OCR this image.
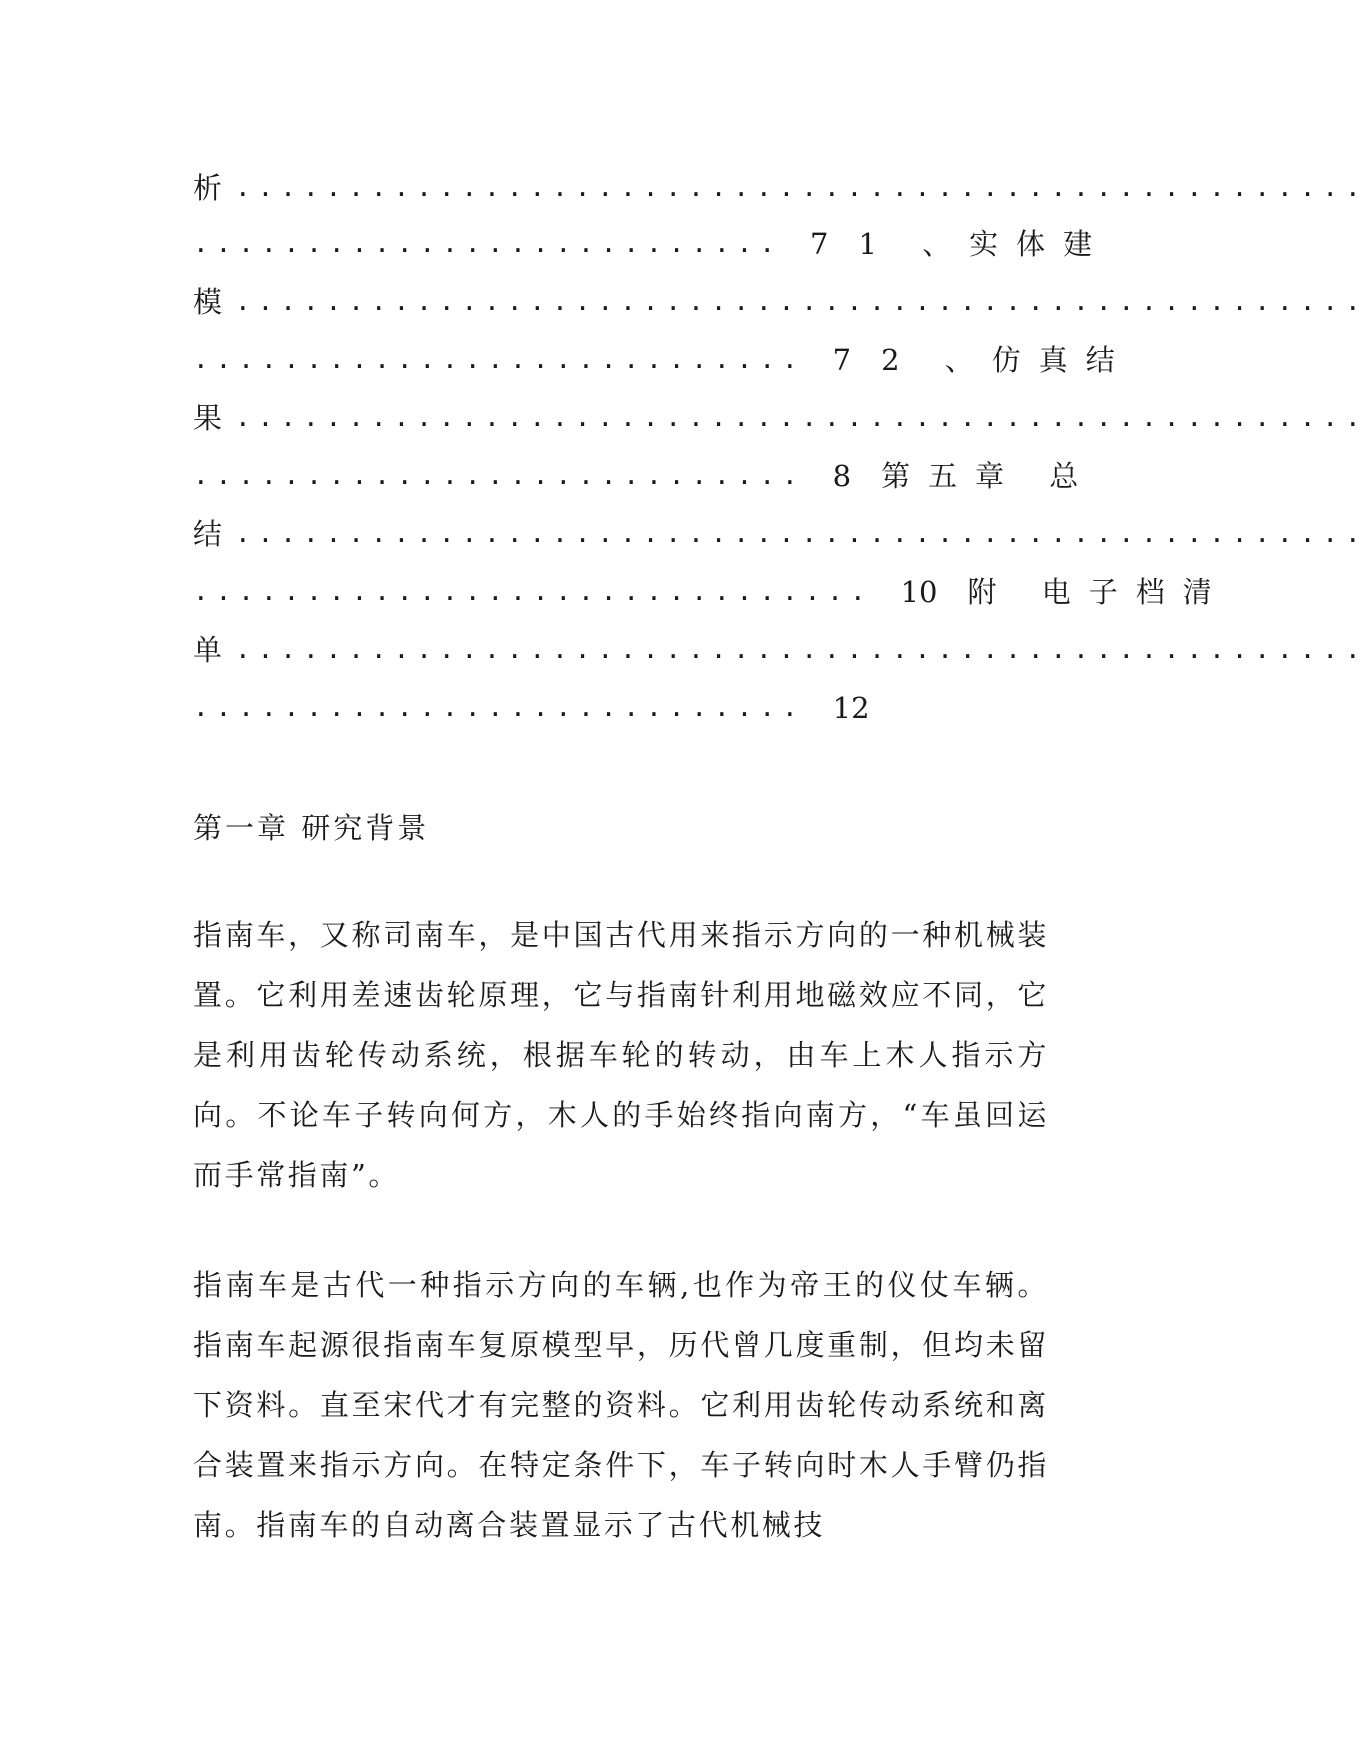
析 ..................................................
.......................... 7 1 、实体建
模 ..................................................
........................... 7 2 、仿真结
果 ..................................................
........................... 8 第五章 总
结 ..................................................
.............................. 10 附 电子档清
单 ..................................................
........................... 12
第一章 研究背景

指南车，又称司南车，是中国古代用来指示方向的一种机械装置。它利用差速齿轮原理，它与指南针利用地磁效应不同，它是利用齿轮传动系统，根据车轮的转动，由车上木人指示方向。不论车子转向何方，木人的手始终指向南方，“车虽回运而手常指南”。

指南车是古代一种指示方向的车辆,也作为帝王的仪仗车辆。指南车起源很指南车复原模型早，历代曾几度重制，但均未留下资料。直至宋代才有完整的资料。它利用齿轮传动系统和离合装置来指示方向。在特定条件下，车子转向时木人手臂仍指南。指南车的自动离合装置显示了古代机械技
